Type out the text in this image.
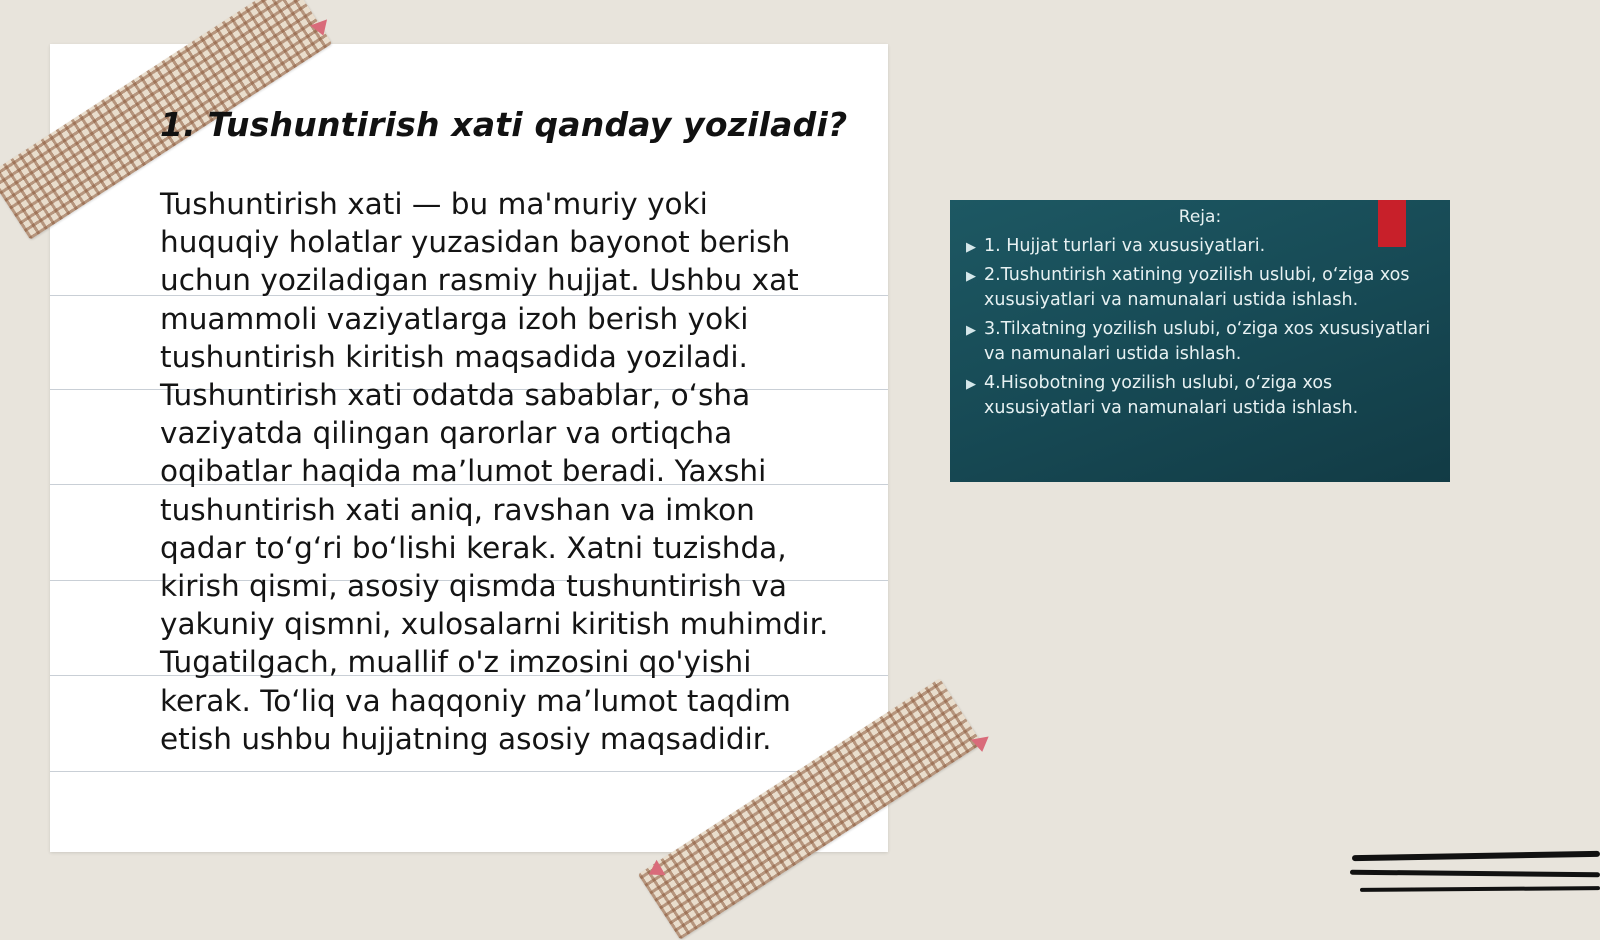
1. Tushuntirish xati qanday yoziladi?
Tushuntirish xati — bu ma'muriy yoki
huquqiy holatlar yuzasidan bayonot berish
uchun yoziladigan rasmiy hujjat. Ushbu xat
muammoli vaziyatlarga izoh berish yoki
tushuntirish kiritish maqsadida yoziladi.
Tushuntirish xati odatda sabablar, o‘sha
vaziyatda qilingan qarorlar va ortiqcha
oqibatlar haqida ma’lumot beradi. Yaxshi
tushuntirish xati aniq, ravshan va imkon
qadar to‘g‘ri bo‘lishi kerak. Xatni tuzishda,
kirish qismi, asosiy qismda tushuntirish va
yakuniy qismni, xulosalarni kiritish muhimdir.
Tugatilgach, muallif o'z imzosini qo'yishi
kerak. To‘liq va haqqoniy ma’lumot taqdim
etish ushbu hujjatning asosiy maqsadidir.
Reja:
▶ 1. Hujjat turlari va xususiyatlari.
▶ 2.Tushuntirish xatining yozilish uslubi, o‘ziga xos xususiyatlari va namunalari ustida ishlash.
▶ 3.Tilxatning yozilish uslubi, o‘ziga xos xususiyatlari va namunalari ustida ishlash.
▶ 4.Hisobotning yozilish uslubi, o‘ziga xos xususiyatlari va namunalari ustida ishlash.
